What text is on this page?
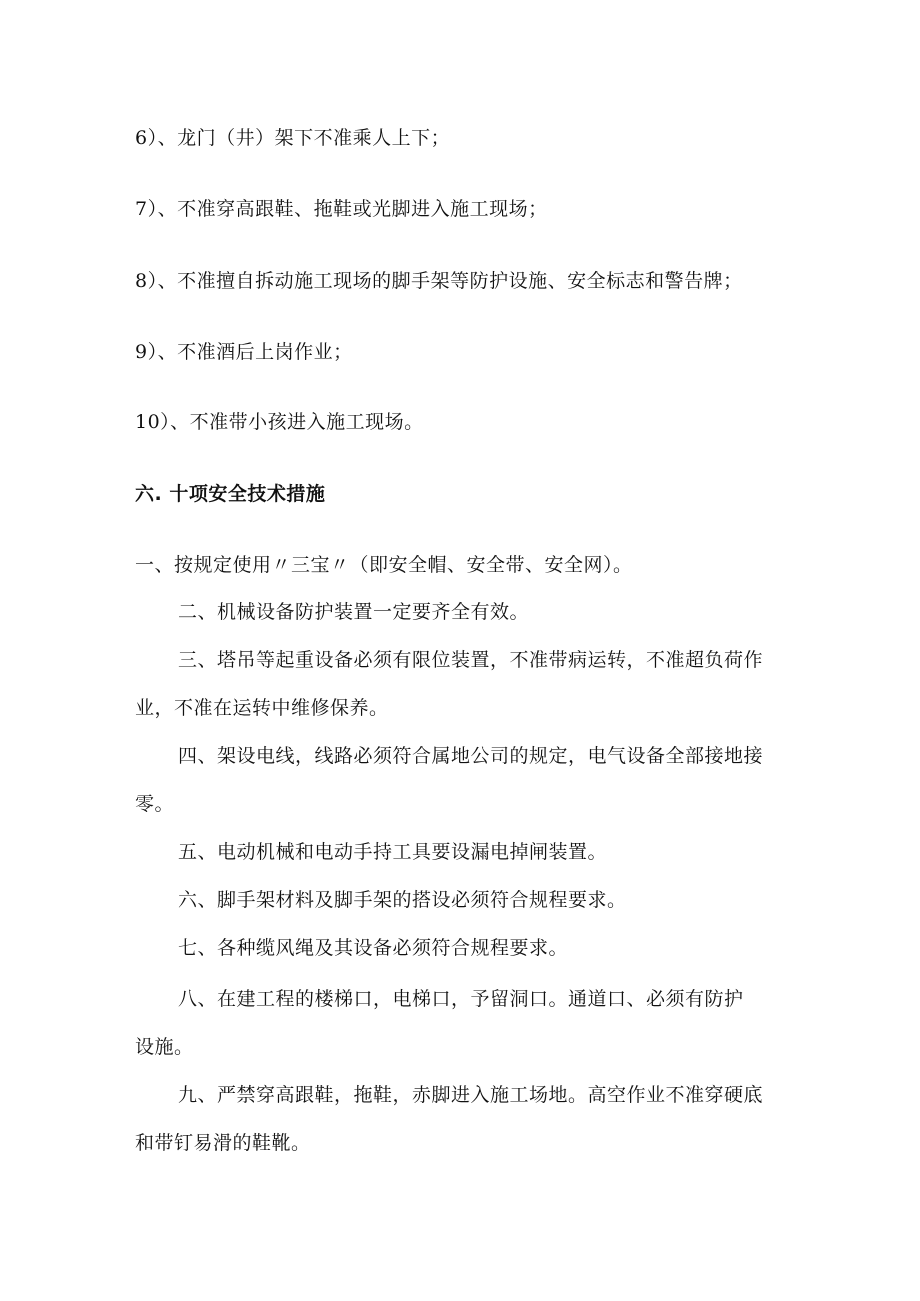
6）、龙门（井）架下不准乘人上下；
7）、不准穿高跟鞋、拖鞋或光脚进入施工现场；
8）、不准擅自拆动施工现场的脚手架等防护设施、安全标志和警告牌；
9）、不准酒后上岗作业；
10）、不准带小孩进入施工现场。
六. 十项安全技术措施
一、按规定使用〃三宝〃（即安全帽、安全带、安全网）。
二、机械设备防护装置一定要齐全有效。
三、塔吊等起重设备必须有限位装置，不准带病运转，不准超负荷作
业，不准在运转中维修保养。
四、架设电线，线路必须符合属地公司的规定，电气设备全部接地接
零。
五、电动机械和电动手持工具要设漏电掉闸装置。
六、脚手架材料及脚手架的搭设必须符合规程要求。
七、各种缆风绳及其设备必须符合规程要求。
八、在建工程的楼梯口，电梯口，予留洞口。通道口、必须有防护
设施。
九、严禁穿高跟鞋，拖鞋，赤脚进入施工场地。高空作业不准穿硬底
和带钉易滑的鞋靴。
